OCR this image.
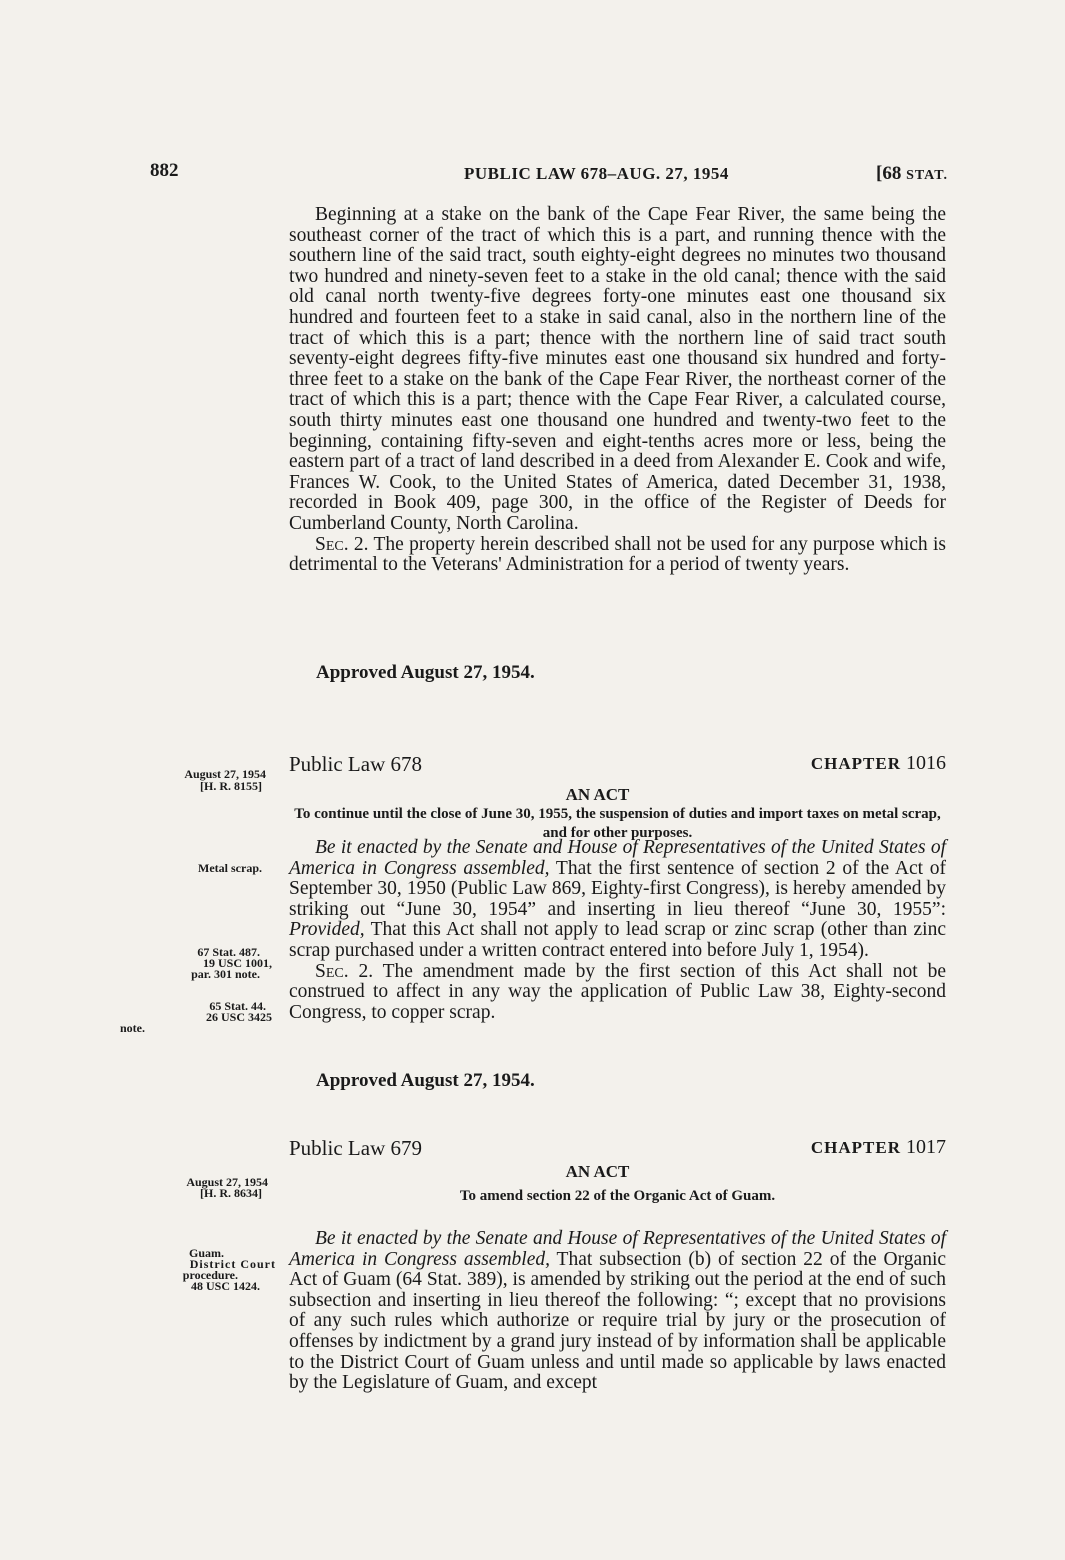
882	PUBLIC LAW 678–AUG. 27, 1954	[68 STAT.

Beginning at a stake on the bank of the Cape Fear River, the same being the southeast corner of the tract of which this is a part, and running thence with the southern line of the said tract, south eighty-eight degrees no minutes two thousand two hundred and ninety-seven feet to a stake in the old canal; thence with the said old canal north twenty-five degrees forty-one minutes east one thousand six hundred and fourteen feet to a stake in said canal, also in the northern line of the tract of which this is a part; thence with the northern line of said tract south seventy-eight degrees fifty-five minutes east one thousand six hundred and forty-three feet to a stake on the bank of the Cape Fear River, the northeast corner of the tract of which this is a part; thence with the Cape Fear River, a calculated course, south thirty minutes east one thousand one hundred and twenty-two feet to the beginning, containing fifty-seven and eight-tenths acres more or less, being the eastern part of a tract of land described in a deed from Alexander E. Cook and wife, Frances W. Cook, to the United States of America, dated December 31, 1938, recorded in Book 409, page 300, in the office of the Register of Deeds for Cumberland County, North Carolina.

Sec. 2. The property herein described shall not be used for any purpose which is detrimental to the Veterans' Administration for a period of twenty years.

Approved August 27, 1954.
Public Law 678	CHAPTER 1016
AN ACT
To continue until the close of June 30, 1955, the suspension of duties and import taxes on metal scrap, and for other purposes.
August 27, 1954
[H. R. 8155]
Metal scrap.
67 Stat. 487.
19 USC 1001,
par. 301 note.
65 Stat. 44.
26 USC 3425
note.

Be it enacted by the Senate and House of Representatives of the United States of America in Congress assembled, That the first sentence of section 2 of the Act of September 30, 1950 (Public Law 869, Eighty-first Congress), is hereby amended by striking out “June 30, 1954” and inserting in lieu thereof “June 30, 1955”: Provided, That this Act shall not apply to lead scrap or zinc scrap (other than zinc scrap purchased under a written contract entered into before July 1, 1954).

Sec. 2. The amendment made by the first section of this Act shall not be construed to affect in any way the application of Public Law 38, Eighty-second Congress, to copper scrap.

Approved August 27, 1954.
Public Law 679	CHAPTER 1017
AN ACT
To amend section 22 of the Organic Act of Guam.
August 27, 1954
[H. R. 8634]
Guam.
District Court
procedure.
48 USC 1424.

Be it enacted by the Senate and House of Representatives of the United States of America in Congress assembled, That subsection (b) of section 22 of the Organic Act of Guam (64 Stat. 389), is amended by striking out the period at the end of such subsection and inserting in lieu thereof the following: “; except that no provisions of any such rules which authorize or require trial by jury or the prosecution of offenses by indictment by a grand jury instead of by information shall be applicable to the District Court of Guam unless and until made so applicable by laws enacted by the Legislature of Guam, and except
